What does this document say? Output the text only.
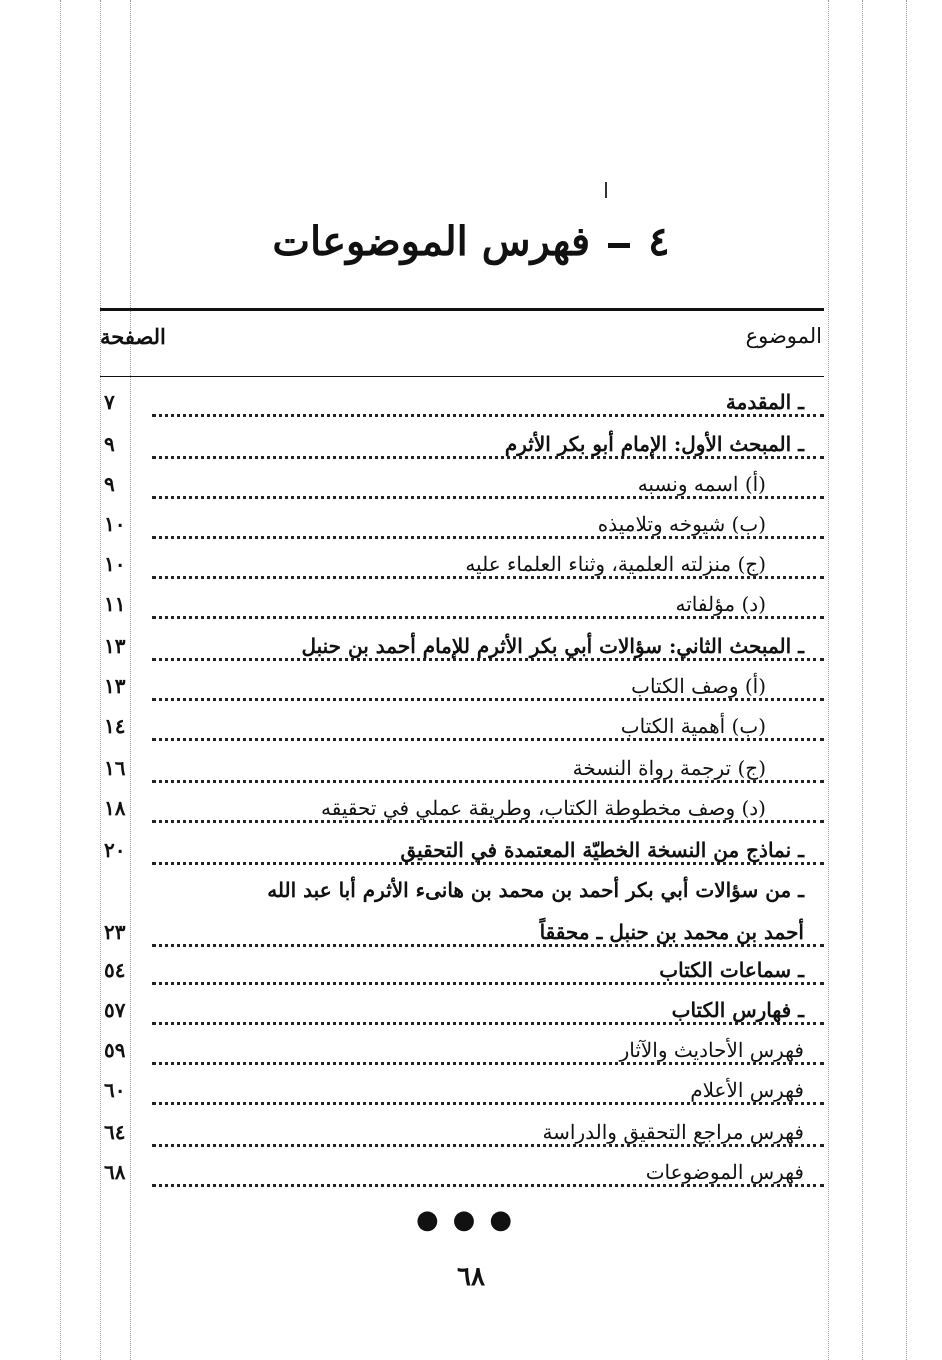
٤فهرس الموضوعات
الموضوع
الصفحة
ـ المقدمة
٧
ـ المبحث الأول: الإمام أبو بكر الأثرم
٩
(أ) اسمه ونسبه
٩
(ب) شيوخه وتلاميذه
١٠
(ج) منزلته العلمية، وثناء العلماء عليه
١٠
(د) مؤلفاته
١١
ـ المبحث الثاني: سؤالات أبي بكر الأثرم للإمام أحمد بن حنبل
١٣
(أ) وصف الكتاب
١٣
(ب) أهمية الكتاب
١٤
(ج) ترجمة رواة النسخة
١٦
(د) وصف مخطوطة الكتاب، وطريقة عملي في تحقيقه
١٨
ـ نماذج من النسخة الخطيّة المعتمدة في التحقيق
٢٠
ـ من سؤالات أبي بكر أحمد بن محمد بن هانىء الأثرم أبا عبد الله
أحمد بن محمد بن حنبل ـ محققاً
٢٣
ـ سماعات الكتاب
٥٤
ـ فهارس الكتاب
٥٧
فهرس الأحاديث والآثار
٥٩
فهرس الأعلام
٦٠
فهرس مراجع التحقيق والدراسة
٦٤
فهرس الموضوعات
٦٨
●●●
٦٨
